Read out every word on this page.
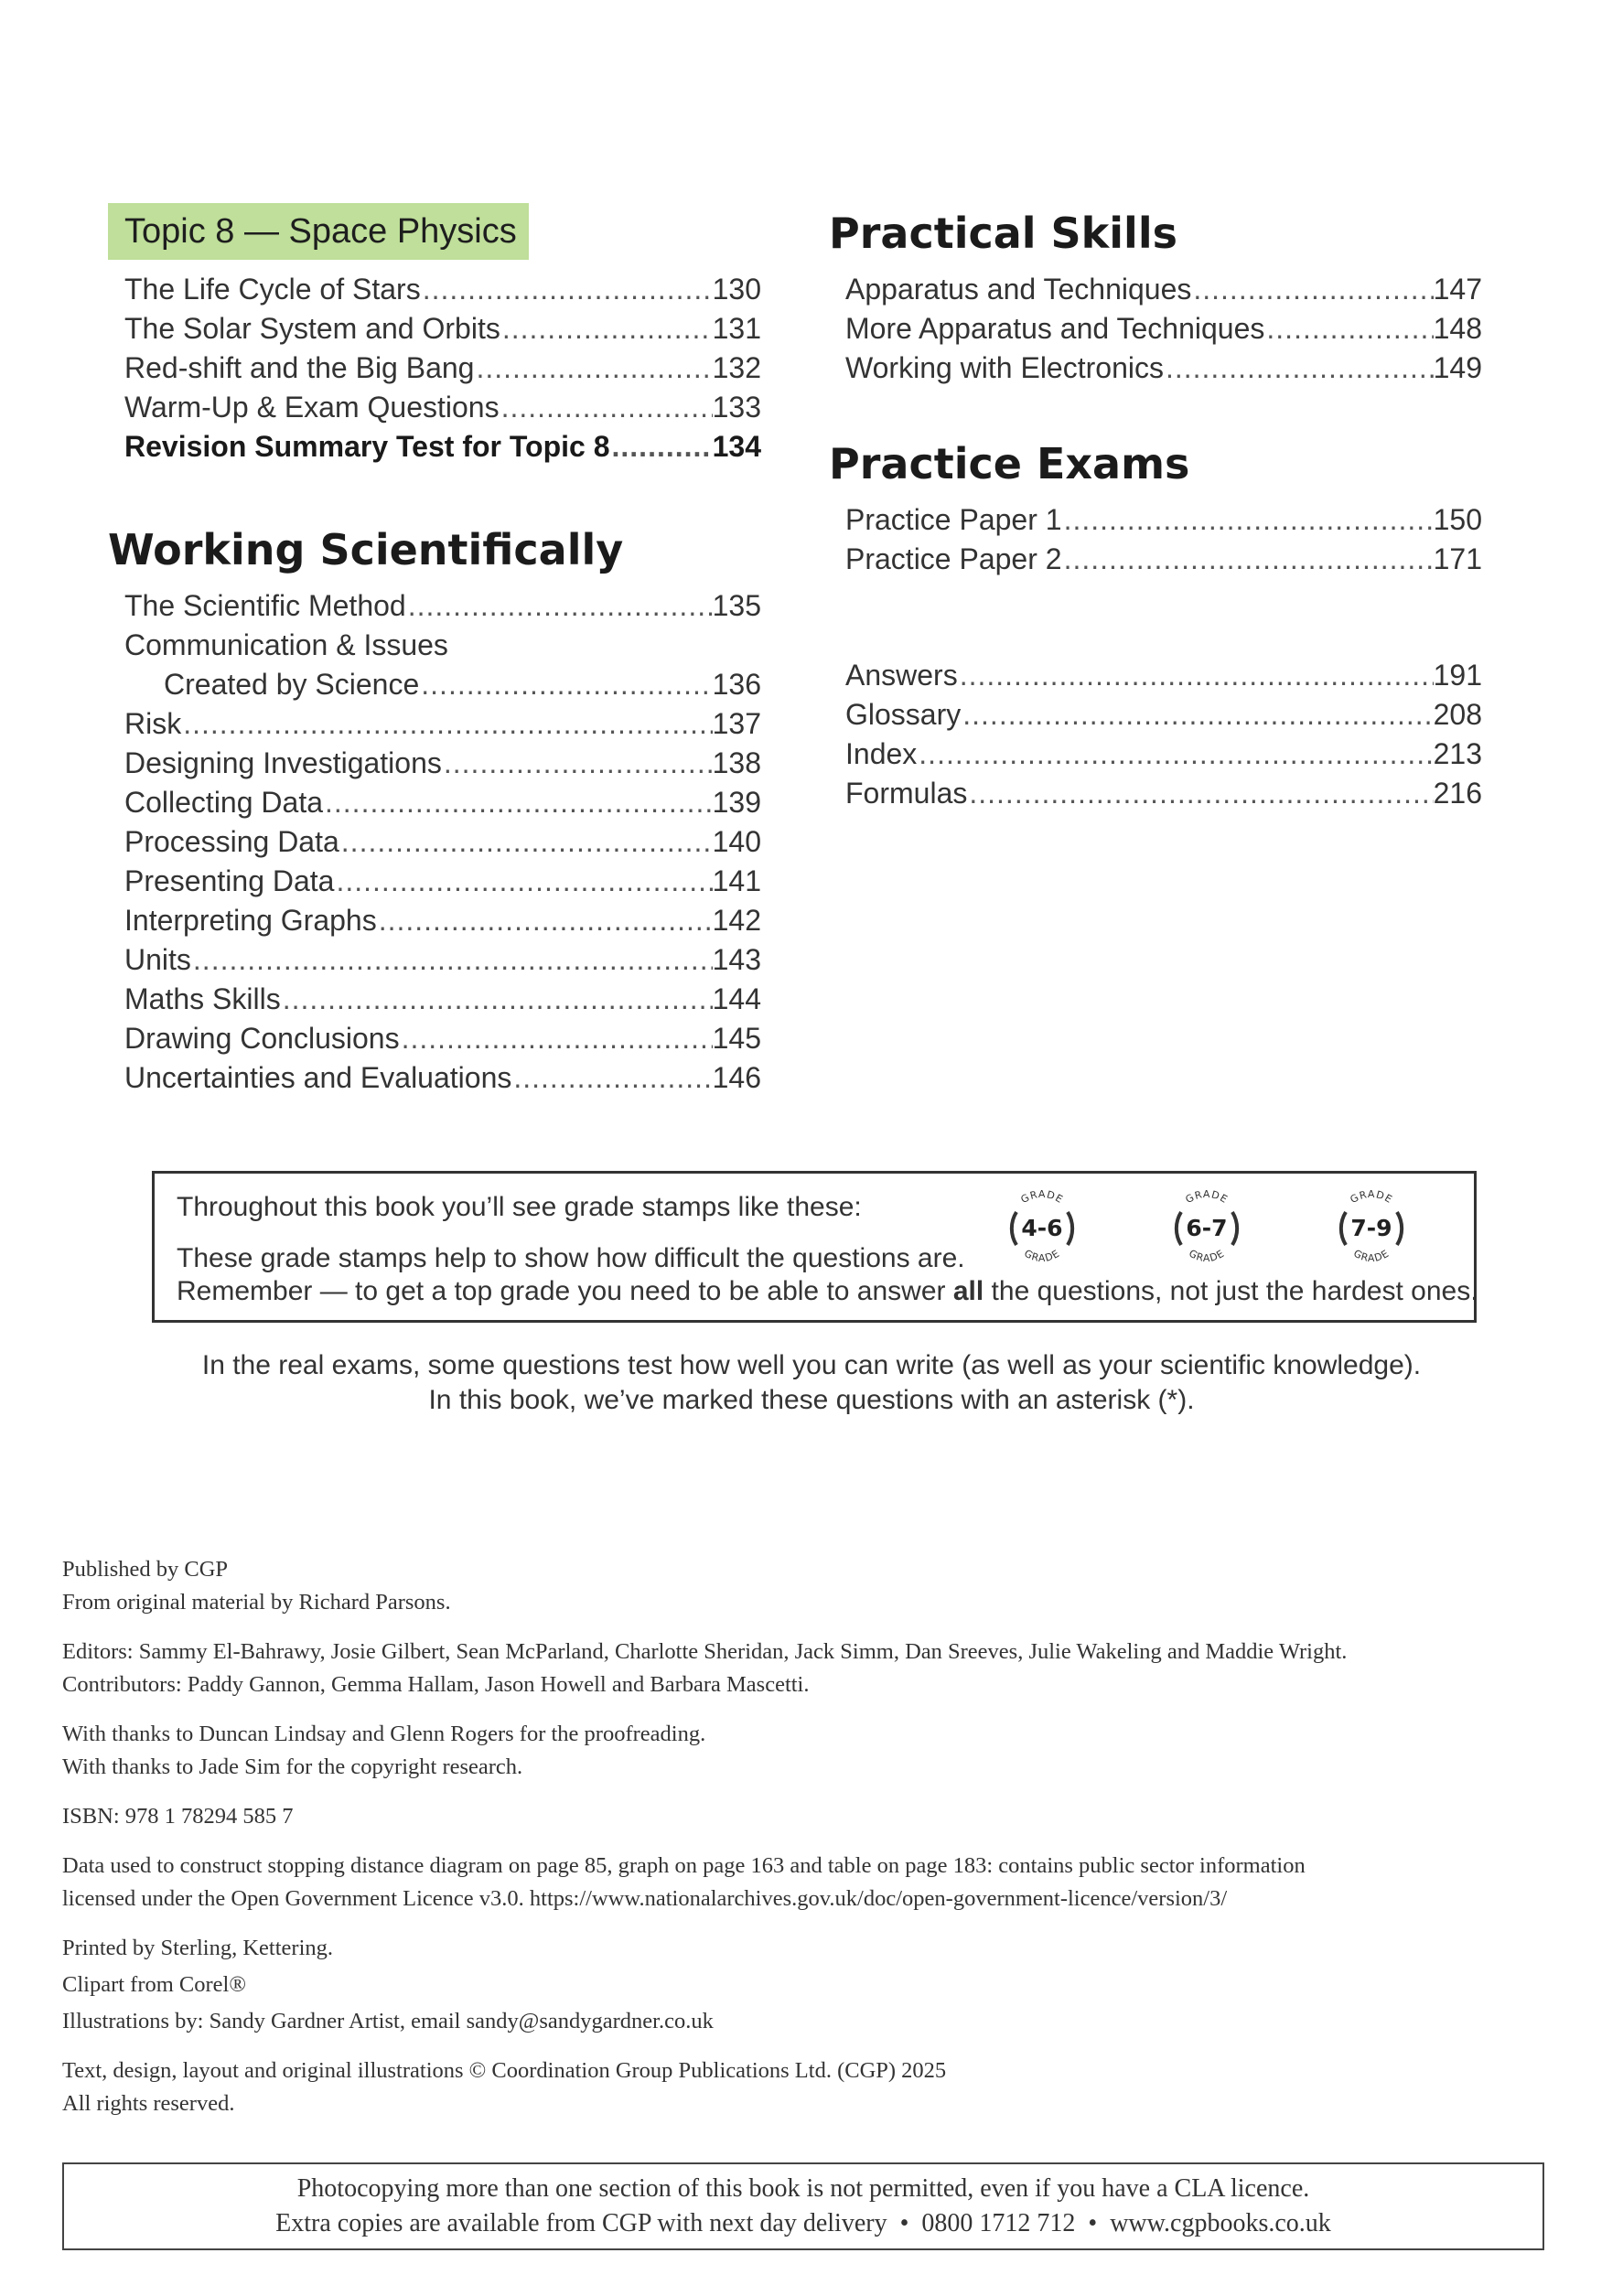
Topic 8 — Space Physics
The Life Cycle of Stars .....	130
The Solar System and Orbits .....	131
Red-shift and the Big Bang .....	132
Warm-Up & Exam Questions .....	133
Revision Summary Test for Topic 8 .....	134
Working Scientifically
The Scientific Method .....	135
Communication & Issues
Created by Science .....	136
Risk .....	137
Designing Investigations .....	138
Collecting Data .....	139
Processing Data .....	140
Presenting Data .....	141
Interpreting Graphs .....	142
Units .....	143
Maths Skills .....	144
Drawing Conclusions .....	145
Uncertainties and Evaluations .....	146
Practical Skills
Apparatus and Techniques .....	147
More Apparatus and Techniques .....	148
Working with Electronics .....	149
Practice Exams
Practice Paper 1 .....	150
Practice Paper 2 .....	171
Answers .....	191
Glossary .....	208
Index .....	213
Formulas .....	216
Throughout this book you’ll see grade stamps like these:
These grade stamps help to show how difficult the questions are.
Remember — to get a top grade you need to be able to answer all the questions, not just the hardest ones.
GRADE
GRADE
4-6
GRADE
GRADE
6-7
GRADE
GRADE
7-9
In the real exams, some questions test how well you can write (as well as your scientific knowledge).
In this book, we’ve marked these questions with an asterisk (*).

Published by CGP
From original material by Richard Parsons.

Editors: Sammy El-Bahrawy, Josie Gilbert, Sean McParland, Charlotte Sheridan, Jack Simm, Dan Sreeves, Julie Wakeling and Maddie Wright.
Contributors: Paddy Gannon, Gemma Hallam, Jason Howell and Barbara Mascetti.

With thanks to Duncan Lindsay and Glenn Rogers for the proofreading.
With thanks to Jade Sim for the copyright research.

ISBN: 978 1 78294 585 7

Data used to construct stopping distance diagram on page 85, graph on page 163 and table on page 183: contains public sector information
licensed under the Open Government Licence v3.0. https://www.nationalarchives.gov.uk/doc/open-government-licence/version/3/

Printed by Sterling, Kettering.

Clipart from Corel®

Illustrations by: Sandy Gardner Artist, email sandy@sandygardner.co.uk

Text, design, layout and original illustrations © Coordination Group Publications Ltd. (CGP) 2025
All rights reserved.

Photocopying more than one section of this book is not permitted, even if you have a CLA licence.
Extra copies are available from CGP with next day delivery • 0800 1712 712 • www.cgpbooks.co.uk
